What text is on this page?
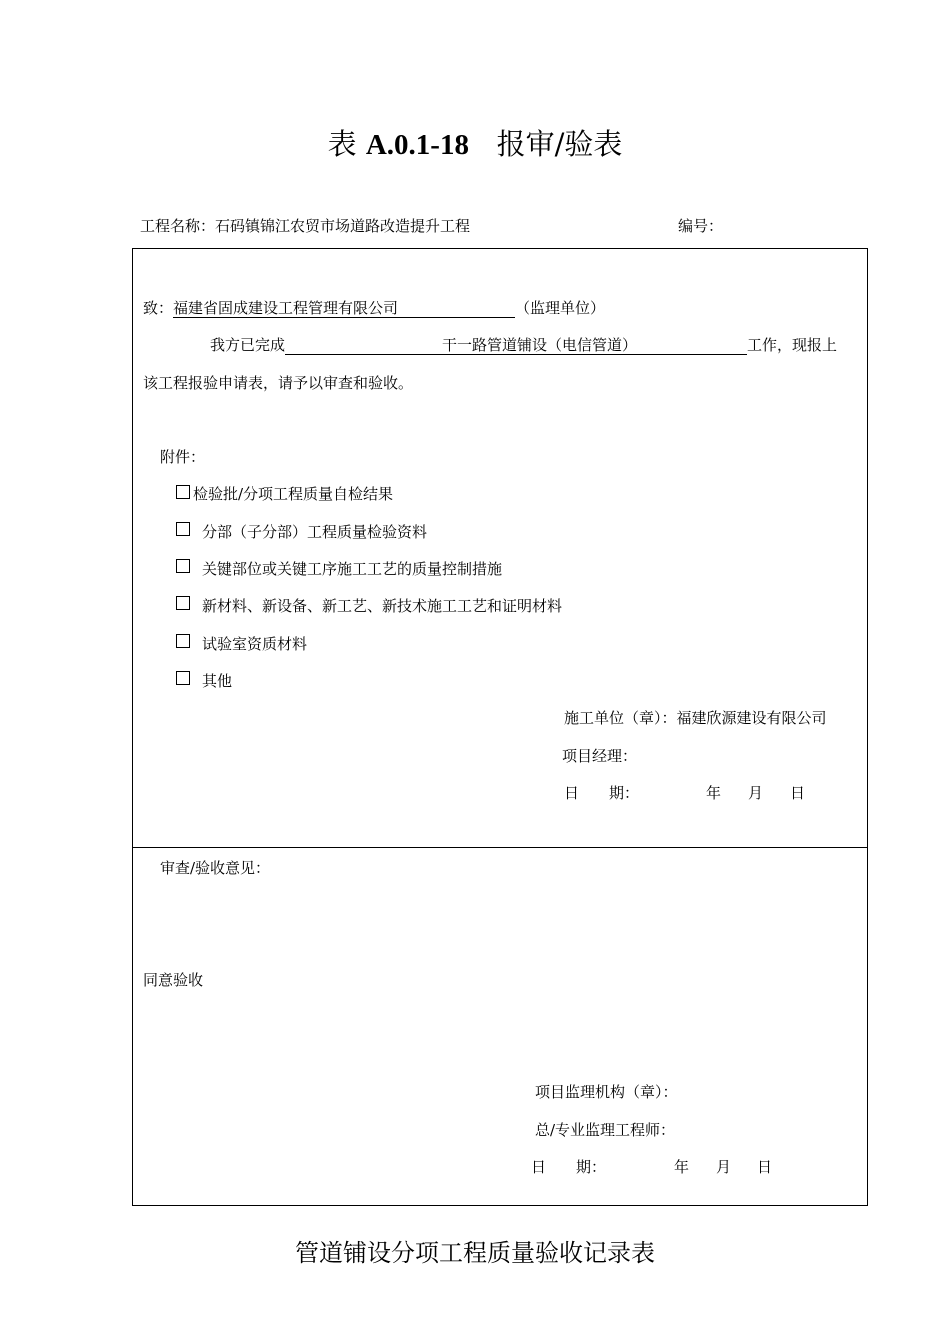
表 A.0.1-18 报审/验表
工程名称：石码镇锦江农贸市场道路改造提升工程	编号：
致：福建省固成建设工程管理有限公司	（监理单位）
我方已完成	干一路管道铺设（电信管道）	工作，现报上
该工程报验申请表，请予以审查和验收。
附件：
检验批/分项工程质量自检结果
分部（子分部）工程质量检验资料
关键部位或关键工序施工工艺的质量控制措施
新材料、新设备、新工艺、新技术施工工艺和证明材料
试验室资质材料
其他
施工单位（章）：福建欣源建设有限公司
项目经理：
日　　期：	年 月 日
审查/验收意见：
同意验收
项目监理机构（章）：
总/专业监理工程师：
日　　期：	年 月 日
管道铺设分项工程质量验收记录表
